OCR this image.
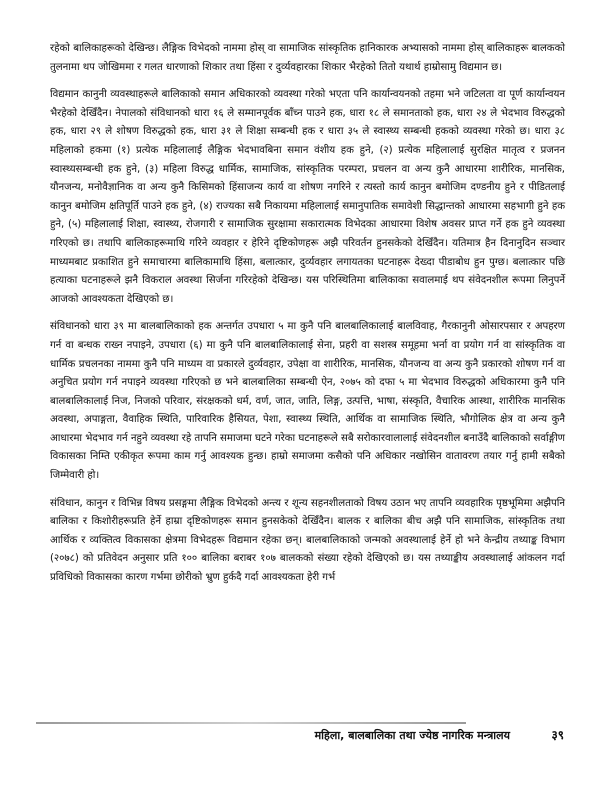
रहेको बालिकाहरूको देखिन्छ। लैङ्गिक विभेदको नाममा होस् वा सामाजिक सांस्कृतिक हानिकारक अभ्यासको नाममा होस् बालिकाहरू बालकको तुलनामा थप जोखिममा र गलत धारणाको शिकार तथा हिंसा र दुर्व्यवहारका शिकार भैरहेको तितो यथार्थ हाम्रोसामु विद्यमान छ।

विद्यमान कानुनी व्यवस्थाहरूले बालिकाको समान अधिकारको व्यवस्था गरेको भएता पनि कार्यान्वयनको तहमा भने जटिलता वा पूर्ण कार्यान्वयन भैरहेको देखिँदैन। नेपालको संविधानको धारा १६ ले सम्मानपूर्वक बाँच्न पाउने हक, धारा १८ ले समानताको हक, धारा २४ ले भेदभाव विरुद्धको हक, धारा २९ ले शोषण विरुद्धको हक, धारा ३१ ले शिक्षा सम्बन्धी हक र धारा ३५ ले स्वास्थ्य सम्बन्धी हकको व्यवस्था गरेको छ। धारा ३८ महिलाको हकमा (१) प्रत्येक महिलालाई लैङ्गिक भेदभावबिना समान वंशीय हक हुने, (२) प्रत्येक महिलालाई सुरक्षित मातृत्व र प्रजनन स्वास्थ्यसम्बन्धी हक हुने, (३) महिला विरुद्ध धार्मिक, सामाजिक, सांस्कृतिक परम्परा, प्रचलन वा अन्य कुनै आधारमा शारीरिक, मानसिक, यौनजन्य, मनोवैज्ञानिक वा अन्य कुनै किसिमको हिंसाजन्य कार्य वा शोषण नगरिने र त्यस्तो कार्य कानुन बमोजिम दण्डनीय हुने र पीडितलाई कानुन बमोजिम क्षतिपूर्ति पाउने हक हुने, (४) राज्यका सबै निकायमा महिलालाई समानुपातिक समावेशी सिद्धान्तको आधारमा सहभागी हुने हक हुने, (५) महिलालाई शिक्षा, स्वास्थ्य, रोजगारी र सामाजिक सुरक्षामा सकारात्मक विभेदका आधारमा विशेष अवसर प्राप्त गर्ने हक हुने व्यवस्था गरिएको छ। तथापि बालिकाहरूमाथि गरिने व्यवहार र हेरिने दृष्टिकोणहरू अझै परिवर्तन हुनसकेको देखिँदैन। यतिमात्र हैन दिनानुदिन सञ्चार माध्यमबाट प्रकाशित हुने समाचारमा बालिकामाथि हिंसा, बलात्कार, दुर्व्यवहार लगायतका घटनाहरू देख्दा पीडाबोध हुन पुग्छ। बलात्कार पछि हत्याका घटनाहरूले झनै विकराल अवस्था सिर्जना गरिरहेको देखिन्छ। यस परिस्थितिमा बालिकाका सवालमाई थप संवेदनशील रूपमा लिनुपर्ने आजको आवश्यकता देखिएको छ।

संविधानको धारा ३९ मा बालबालिकाको हक अन्तर्गत उपधारा ५ मा कुनै पनि बालबालिकालाई बालविवाह, गैरकानुनी ओसारपसार र अपहरण गर्न वा बन्धक राख्न नपाइने, उपधारा (६) मा कुनै पनि बालबालिकालाई सेना, प्रहरी वा सशस्त्र समूहमा भर्ना वा प्रयोग गर्न वा सांस्कृतिक वा धार्मिक प्रचलनका नाममा कुनै पनि माध्यम वा प्रकारले दुर्व्यवहार, उपेक्षा वा शारीरिक, मानसिक, यौनजन्य वा अन्य कुनै प्रकारको शोषण गर्न वा अनुचित प्रयोग गर्न नपाइने व्यवस्था गरिएको छ भने बालबालिका सम्बन्धी ऐन, २०७५ को दफा ५ मा भेदभाव विरुद्धको अधिकारमा कुनै पनि बालबालिकालाई निज, निजको परिवार, संरक्षकको धर्म, वर्ण, जात, जाति, लिङ्ग, उत्पत्ति, भाषा, संस्कृति, वैचारिक आस्था, शारीरिक मानसिक अवस्था, अपाङ्गता, वैवाहिक स्थिति, पारिवारिक हैसियत, पेशा, स्वास्थ्य स्थिति, आर्थिक वा सामाजिक स्थिति, भौगोलिक क्षेत्र वा अन्य कुनै आधारमा भेदभाव गर्न नहुने व्यवस्था रहे तापनि समाजमा घटने गरेका घटनाहरूले सबै सरोकारवालालाई संवेदनशील बनाउँदै बालिकाको सर्वाङ्गीण विकासका निम्ति एकीकृत रूपमा काम गर्नु आवश्यक हुन्छ। हाम्रो समाजमा कसैको पनि अधिकार नखोसिन वातावरण तयार गर्नु हामी सबैको जिम्मेवारी हो।

संविधान, कानुन र विभिन्न विषय प्रसङ्गमा लैङ्गिक विभेदको अन्त्य र शून्य सहनशीलताको विषय उठान भए तापनि व्यवहारिक पृष्ठभूमिमा अझैपनि बालिका र किशोरीहरूप्रति हेर्ने हाम्रा दृष्टिकोणहरू समान हुनसकेको देखिँदैन। बालक र बालिका बीच अझै पनि सामाजिक, सांस्कृतिक तथा आर्थिक र व्यक्तित्व विकासका क्षेत्रमा विभेदहरू विद्यमान रहेका छन्। बालबालिकाको जन्मको अवस्थालाई हेर्ने हो भने केन्द्रीय तथ्याङ्क विभाग (२०७८) को प्रतिवेदन अनुसार प्रति १०० बालिका बराबर १०७ बालकको संख्या रहेको देखिएको छ। यस तथ्याङ्कीय अवस्थालाई आंकलन गर्दा प्रविधिको विकासका कारण गर्भमा छोरीको भ्रुण हुर्कदै गर्दा आवश्यकता हेरी गर्भ

महिला, बालबालिका तथा ज्येष्ठ नागरिक मन्त्रालय	३९
